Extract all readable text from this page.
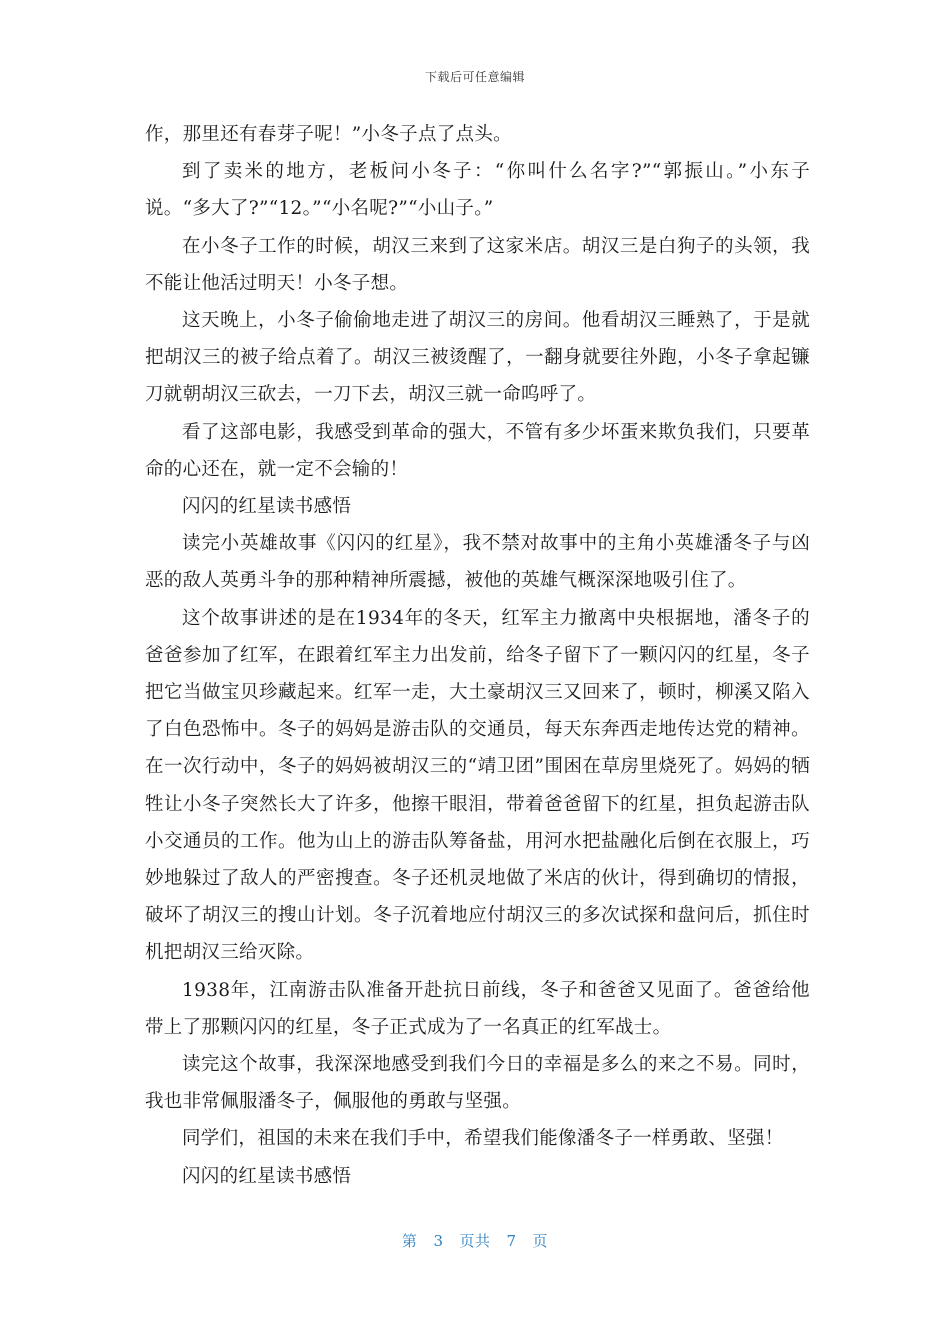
下载后可任意编辑

作，那里还有春芽子呢！”小冬子点了点头。

到了卖米的地方，老板问小冬子：“你叫什么名字?”“郭振山。”小东子说。“多大了?”“12。”“小名呢?”“小山子。”

在小冬子工作的时候，胡汉三来到了这家米店。胡汉三是白狗子的头领，我不能让他活过明天！小冬子想。

这天晚上，小冬子偷偷地走进了胡汉三的房间。他看胡汉三睡熟了，于是就把胡汉三的被子给点着了。胡汉三被烫醒了，一翻身就要往外跑，小冬子拿起镰刀就朝胡汉三砍去，一刀下去，胡汉三就一命呜呼了。

看了这部电影，我感受到革命的强大，不管有多少坏蛋来欺负我们，只要革命的心还在，就一定不会输的！

闪闪的红星读书感悟

读完小英雄故事《闪闪的红星》，我不禁对故事中的主角小英雄潘冬子与凶恶的敌人英勇斗争的那种精神所震撼，被他的英雄气概深深地吸引住了。

这个故事讲述的是在1934年的冬天，红军主力撤离中央根据地，潘冬子的爸爸参加了红军，在跟着红军主力出发前，给冬子留下了一颗闪闪的红星，冬子把它当做宝贝珍藏起来。红军一走，大土豪胡汉三又回来了，顿时，柳溪又陷入了白色恐怖中。冬子的妈妈是游击队的交通员，每天东奔西走地传达党的精神。在一次行动中，冬子的妈妈被胡汉三的“靖卫团”围困在草房里烧死了。妈妈的牺牲让小冬子突然长大了许多，他擦干眼泪，带着爸爸留下的红星，担负起游击队小交通员的工作。他为山上的游击队筹备盐，用河水把盐融化后倒在衣服上，巧妙地躲过了敌人的严密搜查。冬子还机灵地做了米店的伙计，得到确切的情报，破坏了胡汉三的搜山计划。冬子沉着地应付胡汉三的多次试探和盘问后，抓住时机把胡汉三给灭除。

1938年，江南游击队准备开赴抗日前线，冬子和爸爸又见面了。爸爸给他带上了那颗闪闪的红星，冬子正式成为了一名真正的红军战士。

读完这个故事，我深深地感受到我们今日的幸福是多么的来之不易。同时，我也非常佩服潘冬子，佩服他的勇敢与坚强。

同学们，祖国的未来在我们手中，希望我们能像潘冬子一样勇敢、坚强！

闪闪的红星读书感悟

第 3 页共 7 页
